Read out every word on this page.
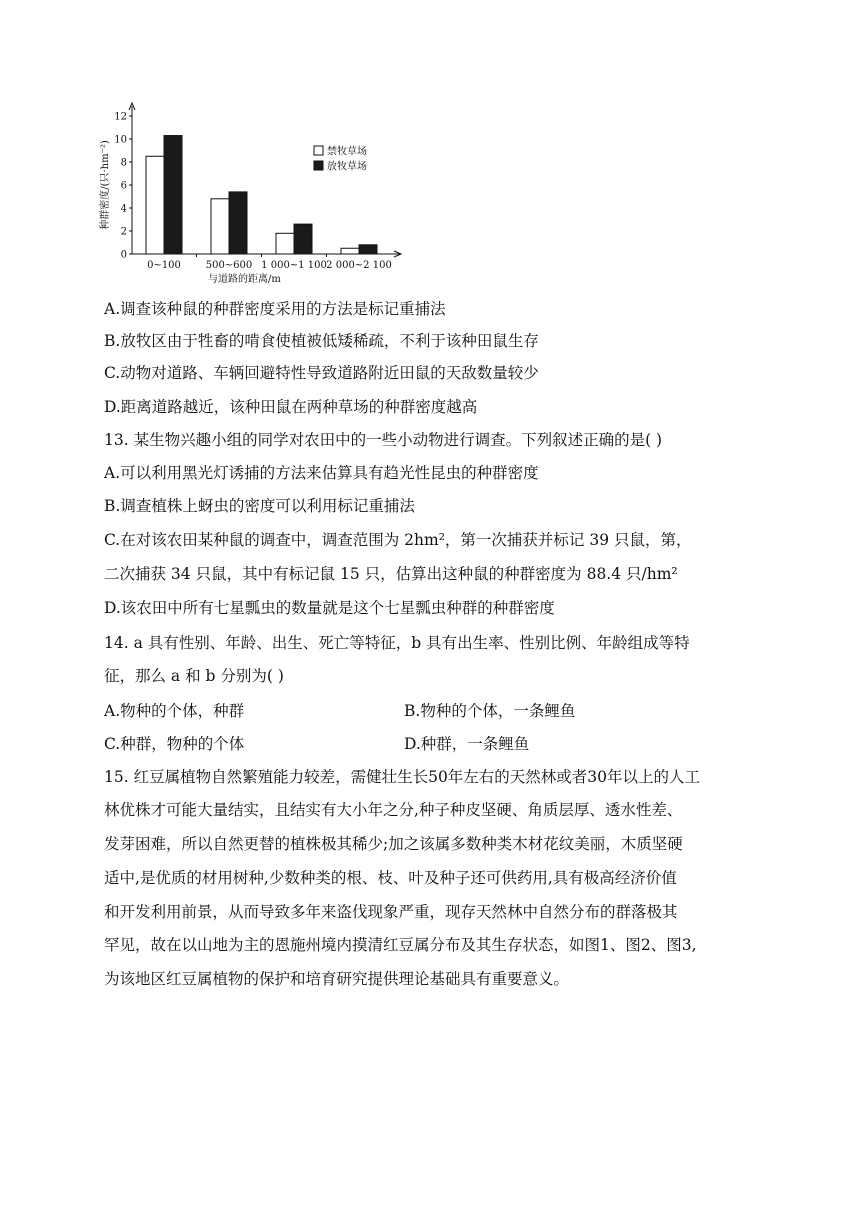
种群密度/(只·hm⁻²)
0
2
4
6
8
10
12
0~100 500~600 1 000~1 100 2 000~2 100
与道路的距离/m
禁牧草场
放牧草场
A.调查该种鼠的种群密度采用的方法是标记重捕法
B.放牧区由于牲畜的啃食使植被低矮稀疏，不利于该种田鼠生存
C.动物对道路、车辆回避特性导致道路附近田鼠的天敌数量较少
D.距离道路越近，该种田鼠在两种草场的种群密度越高
13. 某生物兴趣小组的同学对农田中的一些小动物进行调查。下列叙述正确的是( )
A.可以利用黑光灯诱捕的方法来估算具有趋光性昆虫的种群密度
B.调查植株上蚜虫的密度可以利用标记重捕法
C.在对该农田某种鼠的调查中，调查范围为 2hm²，第一次捕获并标记 39 只鼠，第，
二次捕获 34 只鼠，其中有标记鼠 15 只，估算出这种鼠的种群密度为 88.4 只/hm²
D.该农田中所有七星瓢虫的数量就是这个七星瓢虫种群的种群密度
14. a 具有性别、年龄、出生、死亡等特征，b 具有出生率、性别比例、年龄组成等特
征，那么 a 和 b 分别为( )
A.物种的个体，种群	B.物种的个体，一条鲤鱼
C.种群，物种的个体	D.种群，一条鲤鱼
15. 红豆属植物自然繁殖能力较差，需健壮生长50年左右的天然林或者30年以上的人工
林优株才可能大量结实，且结实有大小年之分,种子种皮坚硬、角质层厚、透水性差、
发芽困难，所以自然更替的植株极其稀少;加之该属多数种类木材花纹美丽，木质坚硬
适中,是优质的材用树种,少数种类的根、枝、叶及种子还可供药用,具有极高经济价值
和开发利用前景，从而导致多年来盗伐现象严重，现存天然林中自然分布的群落极其
罕见，故在以山地为主的恩施州境内摸清红豆属分布及其生存状态，如图1、图2、图3,
为该地区红豆属植物的保护和培育研究提供理论基础具有重要意义。
